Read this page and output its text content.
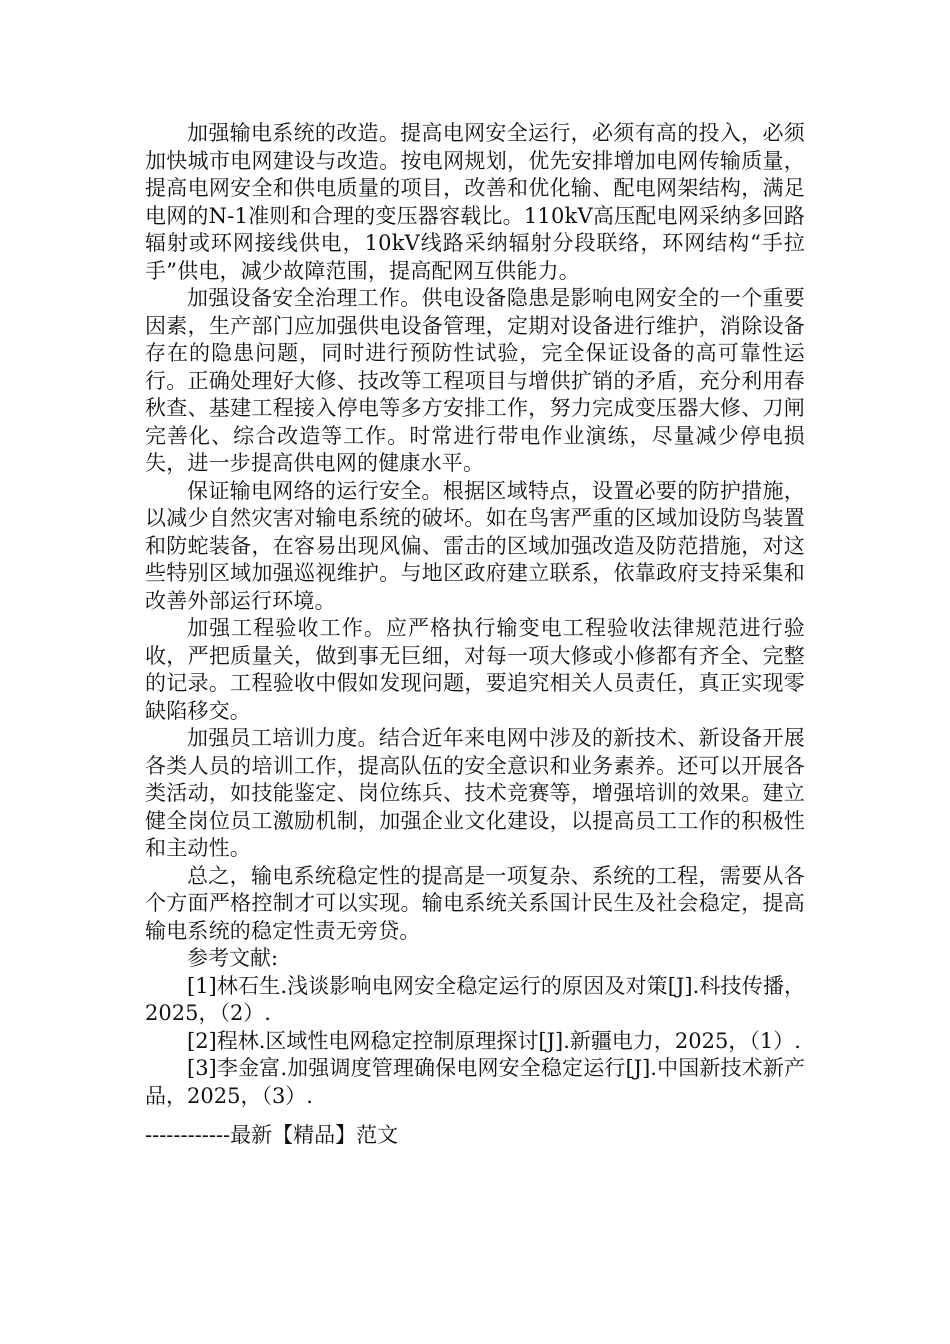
加强输电系统的改造。提高电网安全运行，必须有高的投入，必须加快城市电网建设与改造。按电网规划，优先安排增加电网传输质量，提高电网安全和供电质量的项目，改善和优化输、配电网架结构，满足电网的N-1准则和合理的变压器容载比。110kV高压配电网采纳多回路辐射或环网接线供电，10kV线路采纳辐射分段联络，环网结构“手拉手”供电，减少故障范围，提高配网互供能力。

加强设备安全治理工作。供电设备隐患是影响电网安全的一个重要因素，生产部门应加强供电设备管理，定期对设备进行维护，消除设备存在的隐患问题，同时进行预防性试验，完全保证设备的高可靠性运行。正确处理好大修、技改等工程项目与增供扩销的矛盾，充分利用春秋查、基建工程接入停电等多方安排工作，努力完成变压器大修、刀闸完善化、综合改造等工作。时常进行带电作业演练，尽量减少停电损失，进一步提高供电网的健康水平。

保证输电网络的运行安全。根据区域特点，设置必要的防护措施，以减少自然灾害对输电系统的破坏。如在鸟害严重的区域加设防鸟装置和防蛇装备，在容易出现风偏、雷击的区域加强改造及防范措施，对这些特别区域加强巡视维护。与地区政府建立联系，依靠政府支持采集和改善外部运行环境。

加强工程验收工作。应严格执行输变电工程验收法律规范进行验收，严把质量关，做到事无巨细，对每一项大修或小修都有齐全、完整的记录。工程验收中假如发现问题，要追究相关人员责任，真正实现零缺陷移交。

加强员工培训力度。结合近年来电网中涉及的新技术、新设备开展各类人员的培训工作，提高队伍的安全意识和业务素养。还可以开展各类活动，如技能鉴定、岗位练兵、技术竞赛等，增强培训的效果。建立健全岗位员工激励机制，加强企业文化建设，以提高员工工作的积极性和主动性。

总之，输电系统稳定性的提高是一项复杂、系统的工程，需要从各个方面严格控制才可以实现。输电系统关系国计民生及社会稳定，提高输电系统的稳定性责无旁贷。

参考文献:

[1]林石生.浅谈影响电网安全稳定运行的原因及对策[J].科技传播，2025，（2）.

[2]程林.区域性电网稳定控制原理探讨[J].新疆电力，2025，（1）.

[3]李金富.加强调度管理确保电网安全稳定运行[J].中国新技术新产品，2025，（3）.

------------最新【精品】范文
